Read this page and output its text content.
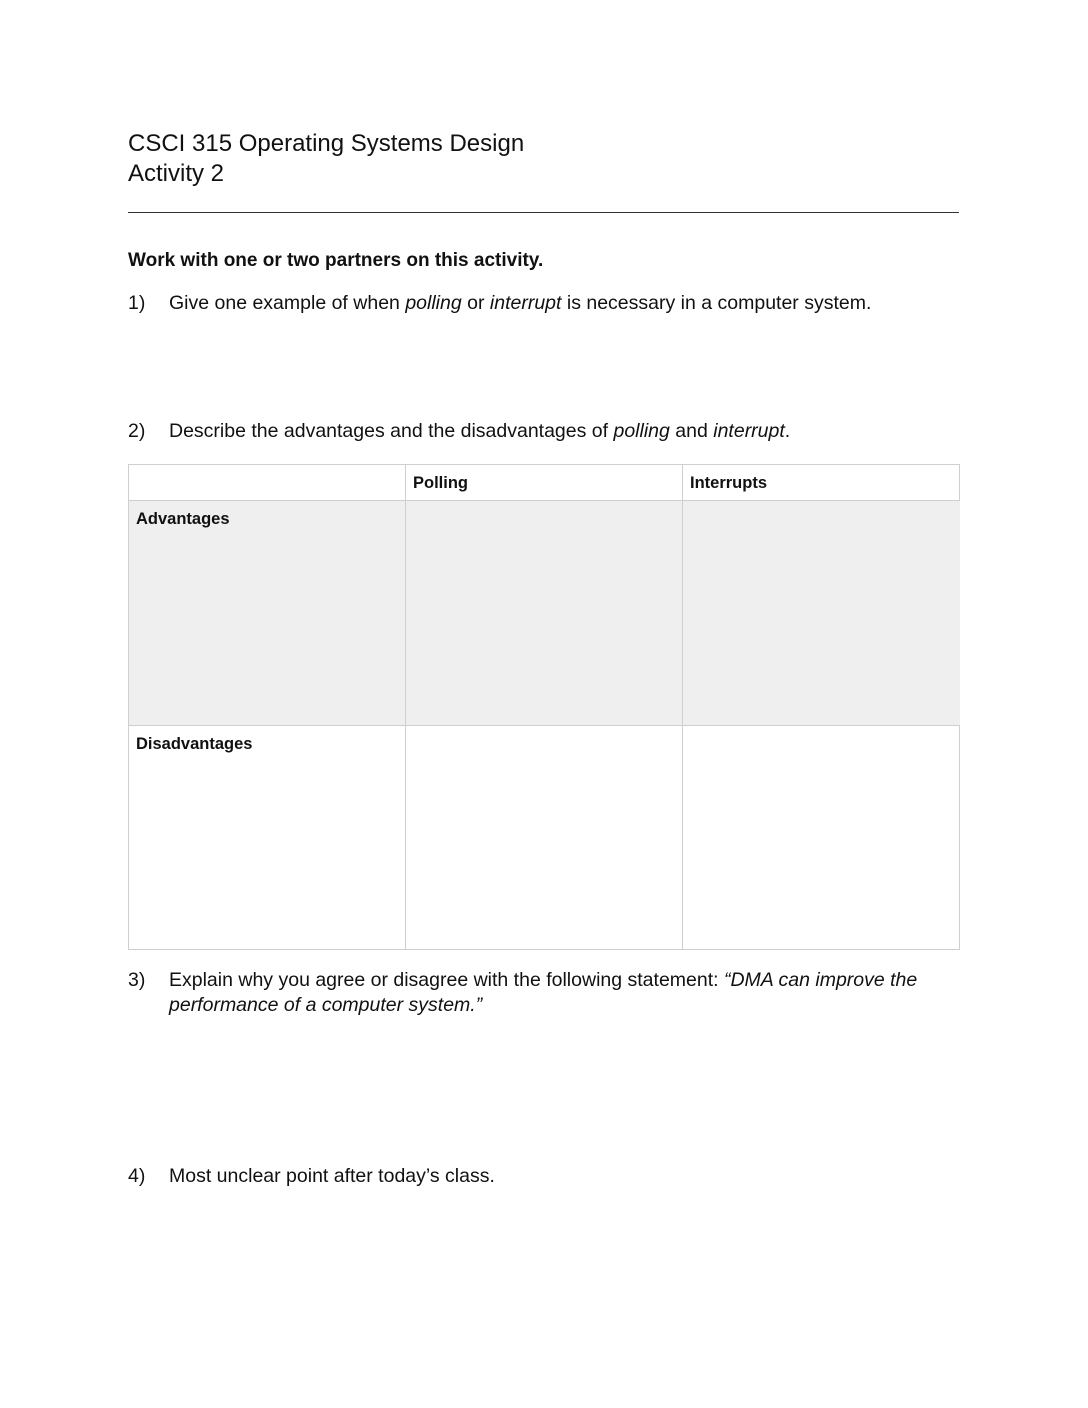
CSCI 315 Operating Systems Design
Activity 2
Work with one or two partners on this activity.
1) Give one example of when polling or interrupt is necessary in a computer system.
2) Describe the advantages and the disadvantages of polling and interrupt.
Polling	Interrupts
Advantages
Disadvantages
3) Explain why you agree or disagree with the following statement: “DMA can improve the performance of a computer system.”
4) Most unclear point after today’s class.
